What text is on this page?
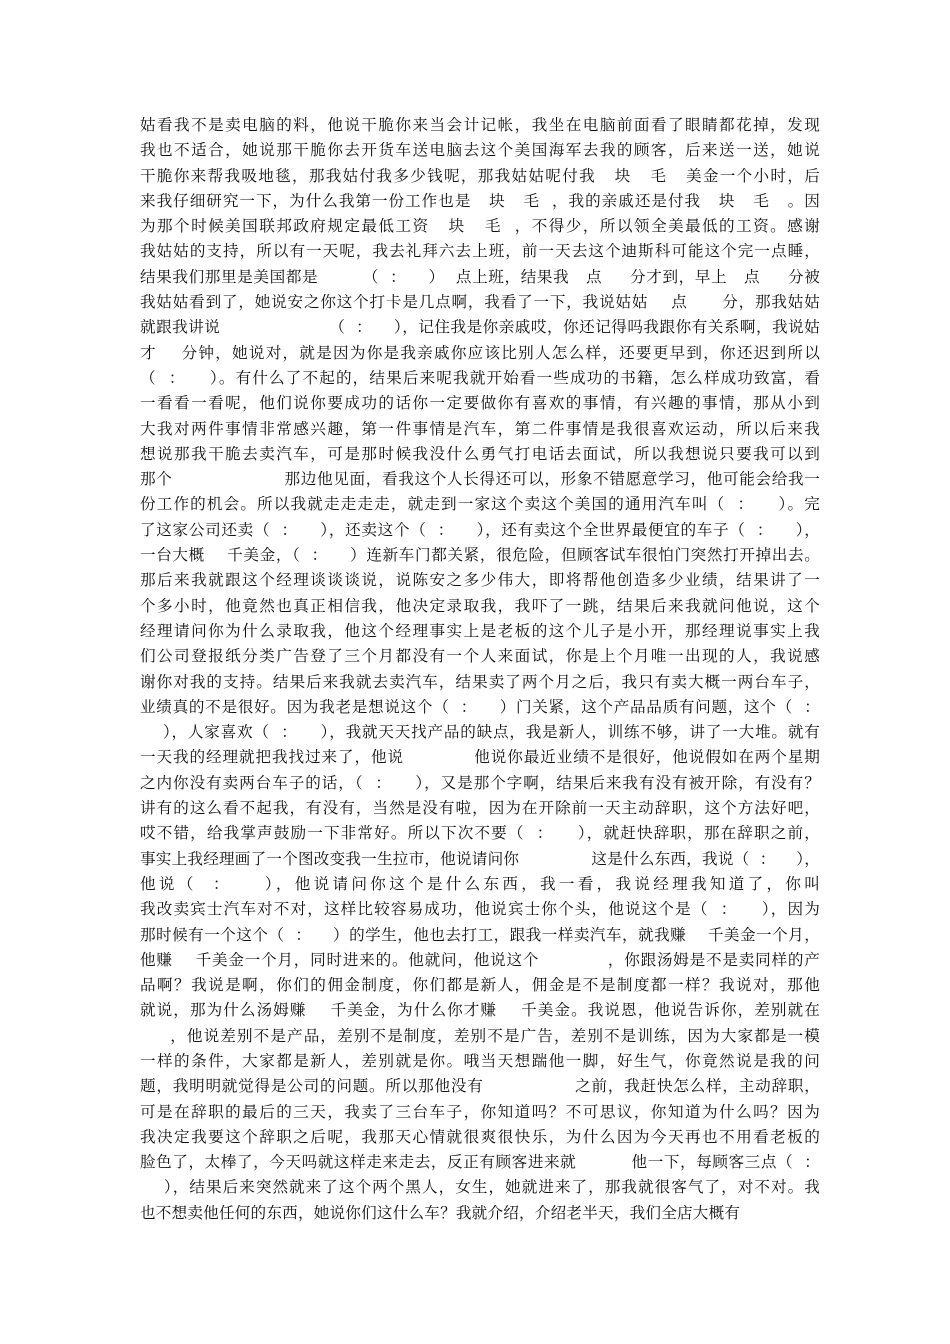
姑看我不是卖电脑的料，他说干脆你来当会计记帐，我坐在电脑前面看了眼睛都花掉，发现
我也不适合，她说那干脆你去开货车送电脑去这个美国海军去我的顾客，后来送一送，她说
干脆你来帮我吸地毯，那我姑付我多少钱呢，那我姑姑呢付我   块   毛   美金一个小时，后
来我仔细研究一下，为什么我第一份工作也是   块   毛  ，我的亲戚还是付我   块   毛   。因
为那个时候美国联邦政府规定最低工资   块   毛  ，不得少，所以领全美最低的工资。感谢
我姑姑的支持，所以有一天呢，我去礼拜六去上班，前一天去这个迪斯科可能这个完一点睡，
结果我们那里是美国都是        （  ：    ）  点上班，结果我   点     分才到，早上   点     分被
我姑姑看到了，她说安之你这个打卡是几点啊，我看了一下，我说姑姑    点      分，那我姑姑
就跟我讲说                    （  ：    ），记住我是你亲戚哎，你还记得吗我跟你有关系啊，我说姑
才    分钟，她说对，就是因为你是我亲戚你应该比别人怎么样，还要更早到，你还迟到所以
（  ：    ）。有什么了不起的，结果后来呢我就开始看一些成功的书籍，怎么样成功致富，看
一看看一看呢，他们说你要成功的话你一定要做你有喜欢的事情，有兴趣的事情，那从小到
大我对两件事情非常感兴趣，第一件事情是汽车，第二件事情是我很喜欢运动，所以后来我
想说那我干脆去卖汽车，可是那时候我没什么勇气打电话去面试，所以我想说只要我可以到
那个                    那边他见面，看我这个人长得还可以，形象不错愿意学习，他可能会给我一
份工作的机会。所以我就走走走走，就走到一家这个卖这个美国的通用汽车叫（  ：    ）。完
了这家公司还卖（  ：    ），还卖这个（  ：    ），还有卖这个全世界最便宜的车子（  ：    ），
一台大概    千美金，（  ：    ）连新车门都关紧，很危险，但顾客试车很怕门突然打开掉出去。
那后来我就跟这个经理谈谈谈说，说陈安之多少伟大，即将帮他创造多少业绩，结果讲了一
个多小时，他竟然也真正相信我，他决定录取我，我吓了一跳，结果后来我就问他说，这个
经理请问你为什么录取我，他这个经理事实上是老板的这个儿子是小开，那经理说事实上我
们公司登报纸分类广告登了三个月都没有一个人来面试，你是上个月唯一出现的人，我说感
谢你对我的支持。结果后来我就去卖汽车，结果卖了两个月之后，我只有卖大概一两台车子，
业绩真的不是很好。因为我老是想说这个（  ：    ）门关紧，这个产品品质有问题，这个（  ：
），人家喜欢（  ：    ），我就天天找产品的缺点，我是新人，训练不够，讲了一大堆。就有
一天我的经理就把我找过来了，他说            他说你最近业绩不是很好，他说假如在两个星期
之内你没有卖两台车子的话，（  ：    ），又是那个字啊，结果后来我有没有被开除，有没有？
讲有的这么看不起我，有没有，当然是没有啦，因为在开除前一天主动辞职，这个方法好吧，
哎不错，给我掌声鼓励一下非常好。所以下次不要（  ：    ），就赶快辞职，那在辞职之前，
事实上我经理画了一个图改变我一生拉市，他说请问你              这是什么东西，我说（  ：    ），
他说（  ：    ），他说请问你这个是什么东西，我一看，我说经理我知道了，你叫
我改卖宾士汽车对不对，这样比较容易成功，他说宾士你个头，他说这个是（  ：    ），因为
那时候有一个这个（  ：    ）的学生，他也去打工，跟我一样卖汽车，就我赚    千美金一个月，
他赚    千美金一个月，同时进来的。他就问，他说这个            ，你跟汤姆是不是卖同样的产
品啊？我说是啊，你们的佣金制度，你们都是新人，佣金是不是制度都一样？我说对，那他
就说，那为什么汤姆赚    千美金，为什么你才赚    千美金。我说恩，他说告诉你，差别就在
，他说差别不是产品，差别不是制度，差别不是广告，差别不是训练，因为大家都是一模
一样的条件，大家都是新人，差别就是你。哦当天想踹他一脚，好生气，你竟然说是我的问
题，我明明就觉得是公司的问题。所以那他没有                之前，我赶快怎么样，主动辞职，
可是在辞职的最后的三天，我卖了三台车子，你知道吗？不可思议，你知道为什么吗？因为
我决定我要这个辞职之后呢，我那天心情就很爽很快乐，为什么因为今天再也不用看老板的
脸色了，太棒了，今天吗就这样走来走去，反正有顾客进来就          他一下，每顾客三点（  ：
），结果后来突然就来了这个两个黑人，女生，她就进来了，那我就很客气了，对不对。我
也不想卖他任何的东西，她说你们这什么车？我就介绍，介绍老半天，我们全店大概有
